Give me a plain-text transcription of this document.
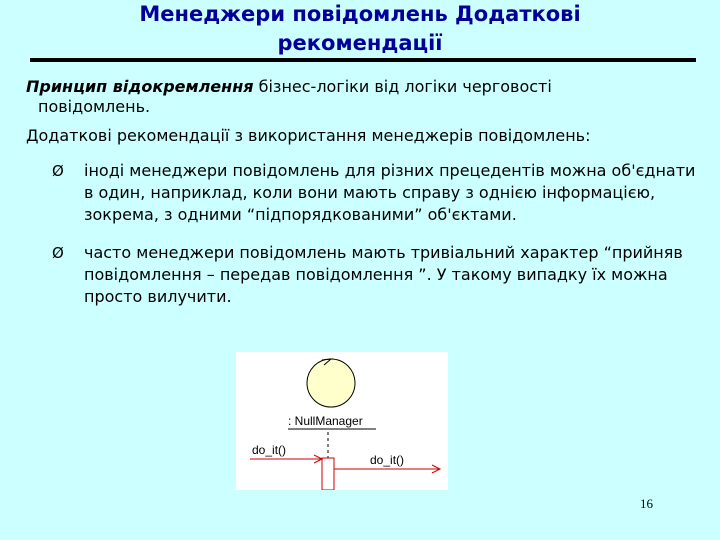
Менеджери повідомлень Додаткові
рекомендації
Принцип відокремлення бізнес-логіки від логіки черговості
повідомлень.
Додаткові рекомендації з використання менеджерів повідомлень:
Ø	іноді менеджери повідомлень для різних прецедентів можна об'єднати в один, наприклад, коли вони мають справу з однією інформацією, зокрема, з одними “підпорядкованими” об'єктами.
Ø	часто менеджери повідомлень мають тривіальний характер “прийняв повідомлення – передав повідомлення ”. У такому випадку їх можна просто вилучити.
: NullManager
do_it()
do_it()
16
